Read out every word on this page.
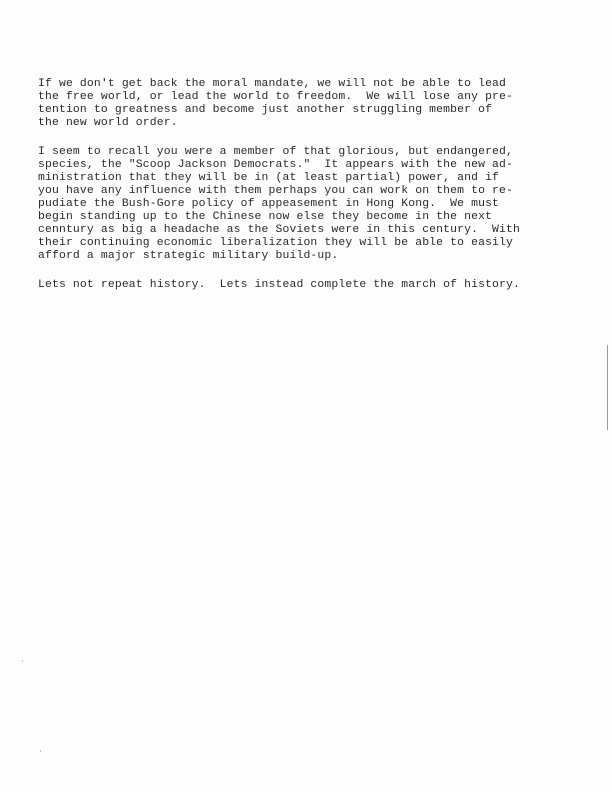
If we don't get back the moral mandate, we will not be able to lead
the free world, or lead the world to freedom.  We will lose any pre-
tention to greatness and become just another struggling member of
the new world order.

I seem to recall you were a member of that glorious, but endangered,
species, the "Scoop Jackson Democrats."  It appears with the new ad-
ministration that they will be in (at least partial) power, and if
you have any influence with them perhaps you can work on them to re-
pudiate the Bush-Gore policy of appeasement in Hong Kong.  We must
begin standing up to the Chinese now else they become in the next
cenntury as big a headache as the Soviets were in this century.  With
their continuing economic liberalization they will be able to easily
afford a major strategic military build-up.

Lets not repeat history.  Lets instead complete the march of history.
